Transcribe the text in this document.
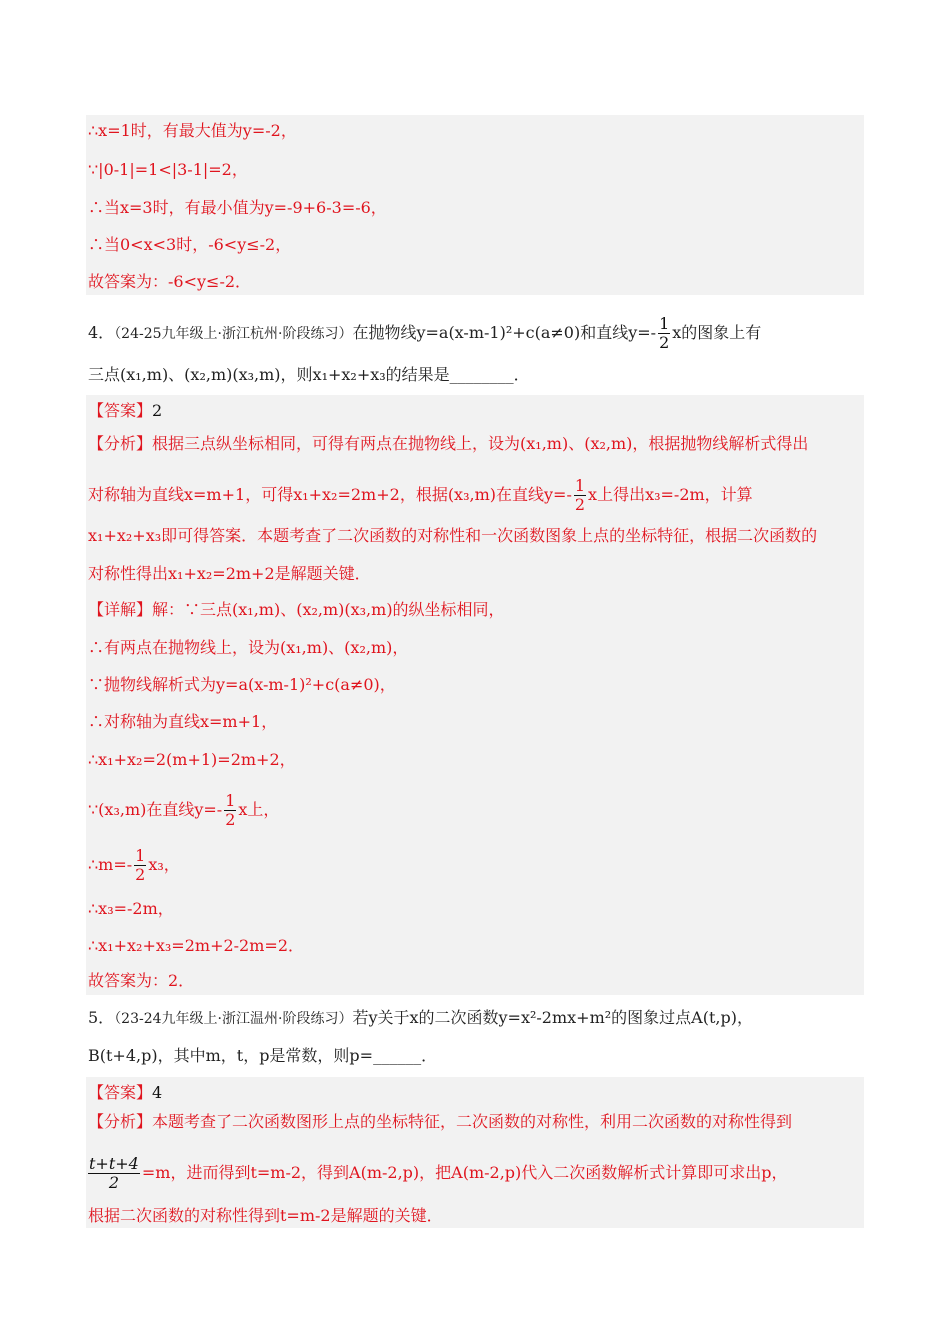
∴x=1时，有最大值为y=-2，
∵|0-1|=1<|3-1|=2，
∴当x=3时，有最小值为y=-9+6-3=-6，
∴当0<x<3时，-6<y≤-2，
故答案为：-6<y≤-2．
4．（24-25九年级上·浙江杭州·阶段练习）在抛物线y=a(x-m-1)²+c(a≠0)和直线$y=- \frac{1}{2}$ x的图象上有
三点(x₁,m)、(x₂,m)(x₃,m)，则x₁+x₂+x₃的结果是________．
【答案】2
【分析】根据三点纵坐标相同，可得有两点在抛物线上，设为(x₁,m)、(x₂,m)，根据抛物线解析式得出
对称轴为直线x=m+1，可得x₁+x₂=2m+2，根据(x₃,m)在直线$y=- \frac{1}{2}$ x上得出x₃=-2m，计算
x₁+x₂+x₃即可得答案．本题考查了二次函数的对称性和一次函数图象上点的坐标特征，根据二次函数的
对称性得出x₁+x₂=2m+2是解题关键．
【详解】解：∵三点(x₁,m)、(x₂,m)(x₃,m)的纵坐标相同，
∴有两点在抛物线上，设为(x₁,m)、(x₂,m)，
∵抛物线解析式为y=a(x-m-1)²+c(a≠0)，
∴对称轴为直线x=m+1，
∴x₁+x₂=2(m+1)=2m+2，
∵(x₃,m)在直线$y=- \frac{1}{2}$ x上，
∴m=- $\frac{1}{2} x_3$，
∴x₃=-2m，
∴x₁+x₂+x₃=2m+2-2m=2．
故答案为：2．
5．（23-24九年级上·浙江温州·阶段练习）若y关于x的二次函数y=x²-2mx+m²的图象过点A(t,p)，
B(t+4,p)，其中m，t，p是常数，则p=______．
【答案】4
【分析】本题考查了二次函数图形上点的坐标特征，二次函数的对称性，利用二次函数的对称性得到
$\frac{t+t+4}{2} =m$，进而得到t=m-2，得到A(m-2,p)，把A(m-2,p)代入二次函数解析式计算即可求出p，
根据二次函数的对称性得到t=m-2是解题的关键．
